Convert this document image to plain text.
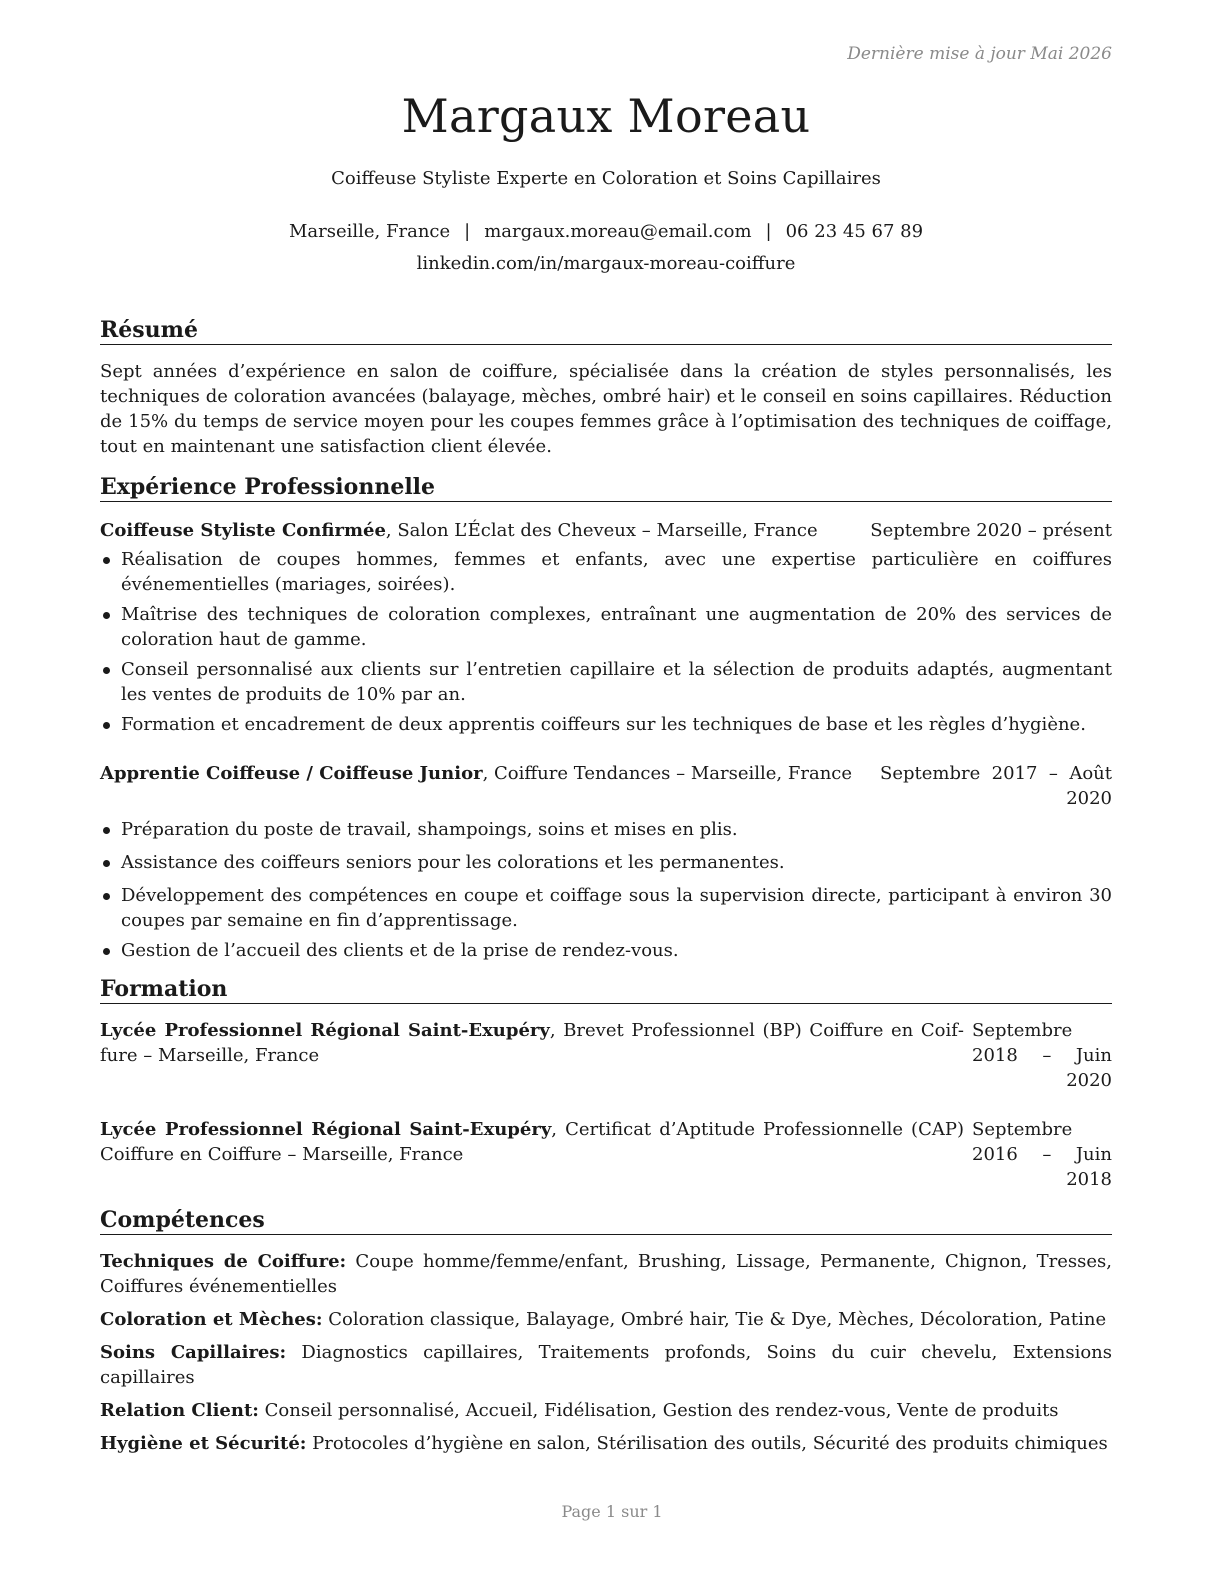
Dernière mise à jour Mai 2026
Margaux Moreau
Coiffeuse Styliste Experte en Coloration et Soins Capillaires
Marseille, France | margaux.moreau@email.com | 06 23 45 67 89
linkedin.com/in/margaux-moreau-coiffure
Résumé
Sept années d’expérience en salon de coiffure, spécialisée dans la création de styles personnalisés, les techniques de coloration avancées (balayage, mèches, ombré hair) et le conseil en soins capillaires. Réduction de 15% du temps de service moyen pour les coupes femmes grâce à l’optimisation des techniques de coiffage, tout en maintenant une satisfaction client élevée.
Expérience Professionnelle
Coiffeuse Styliste Confirmée, Salon L’Éclat des Cheveux – Marseille, France	Septembre 2020 – présent
Réalisation de coupes hommes, femmes et enfants, avec une expertise particulière en coiffures événementielles (mariages, soirées).
Maîtrise des techniques de coloration complexes, entraînant une augmentation de 20% des services de coloration haut de gamme.
Conseil personnalisé aux clients sur l’entretien capillaire et la sélection de produits adaptés, augmentant les ventes de produits de 10% par an.
Formation et encadrement de deux apprentis coiffeurs sur les techniques de base et les règles d’hygiène.
Apprentie Coiffeuse / Coiffeuse Junior, Coiffure Tendances – Marseille, France	Septembre 2017 – Août 2020
Préparation du poste de travail, shampoings, soins et mises en plis.
Assistance des coiffeurs seniors pour les colorations et les permanentes.
Développement des compétences en coupe et coiffage sous la supervision directe, participant à environ 30 coupes par semaine en fin d’apprentissage.
Gestion de l’accueil des clients et de la prise de rendez-vous.
Formation
Lycée Professionnel Régional Saint-Exupéry, Brevet Professionnel (BP) Coiffure en Coiffure – Marseille, France
Septembre 2018 – Juin 2020
Lycée Professionnel Régional Saint-Exupéry, Certificat d’Aptitude Professionnelle (CAP) Coiffure en Coiffure – Marseille, France
Septembre 2016 – Juin 2018
Compétences
Techniques de Coiffure: Coupe homme/femme/enfant, Brushing, Lissage, Permanente, Chignon, Tresses, Coiffures événementielles
Coloration et Mèches: Coloration classique, Balayage, Ombré hair, Tie & Dye, Mèches, Décoloration, Patine
Soins Capillaires: Diagnostics capillaires, Traitements profonds, Soins du cuir chevelu, Extensions capillaires
Relation Client: Conseil personnalisé, Accueil, Fidélisation, Gestion des rendez-vous, Vente de produits
Hygiène et Sécurité: Protocoles d’hygiène en salon, Stérilisation des outils, Sécurité des produits chimiques
Page 1 sur 1
